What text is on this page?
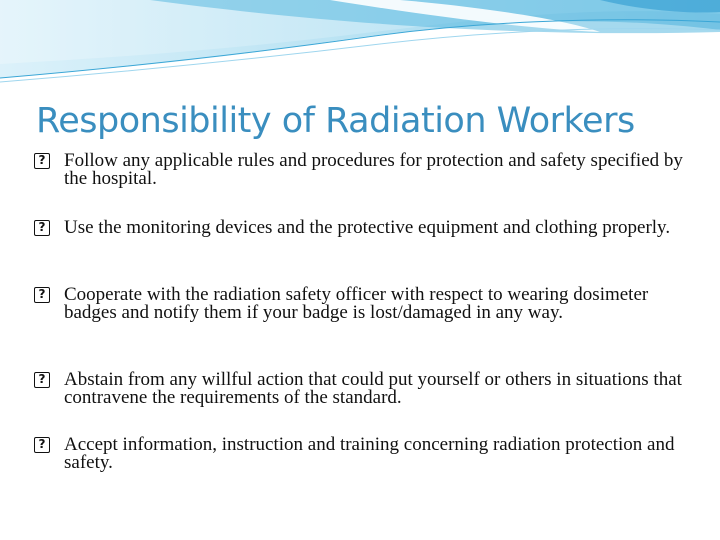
Responsibility of Radiation Workers
? Follow any applicable rules and procedures for protection and safety specified by the hospital.
? Use the monitoring devices and the protective equipment and clothing properly.
? Cooperate with the radiation safety officer with respect to wearing dosimeter badges and notify them if your badge is lost/damaged in any way.
? Abstain from any willful action that could put yourself or others in situations that contravene the requirements of the standard.
? Accept information, instruction and training concerning radiation protection and safety.
